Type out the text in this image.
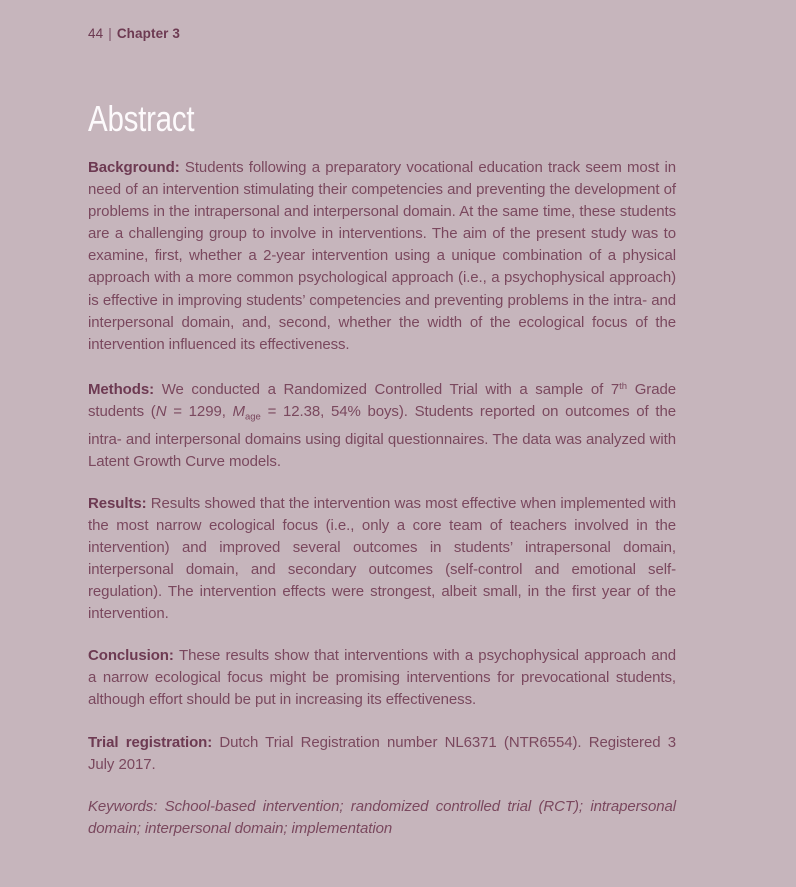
44 | Chapter 3
Abstract

Background: Students following a preparatory vocational education track seem most in need of an intervention stimulating their competencies and preventing the development of problems in the intrapersonal and interpersonal domain. At the same time, these students are a challenging group to involve in interventions. The aim of the present study was to examine, first, whether a 2-year intervention using a unique combination of a physical approach with a more common psychological approach (i.e., a psychophysical approach) is effective in improving students’ competencies and preventing problems in the intra- and interpersonal domain, and, second, whether the width of the ecological focus of the intervention influenced its effectiveness.

Methods: We conducted a Randomized Controlled Trial with a sample of 7th Grade students (N = 1299, $M_{age} = 12.38$, 54% boys). Students reported on outcomes of the intra- and interpersonal domains using digital questionnaires. The data was analyzed with Latent Growth Curve models.

Results: Results showed that the intervention was most effective when implemented with the most narrow ecological focus (i.e., only a core team of teachers involved in the intervention) and improved several outcomes in students’ intrapersonal domain, interpersonal domain, and secondary outcomes (self-control and emotional self-regulation). The intervention effects were strongest, albeit small, in the first year of the intervention.

Conclusion: These results show that interventions with a psychophysical approach and a narrow ecological focus might be promising interventions for prevocational students, although effort should be put in increasing its effectiveness.

Trial registration: Dutch Trial Registration number NL6371 (NTR6554). Registered 3 July 2017.

Keywords: School-based intervention; randomized controlled trial (RCT); intrapersonal domain; interpersonal domain; implementation
